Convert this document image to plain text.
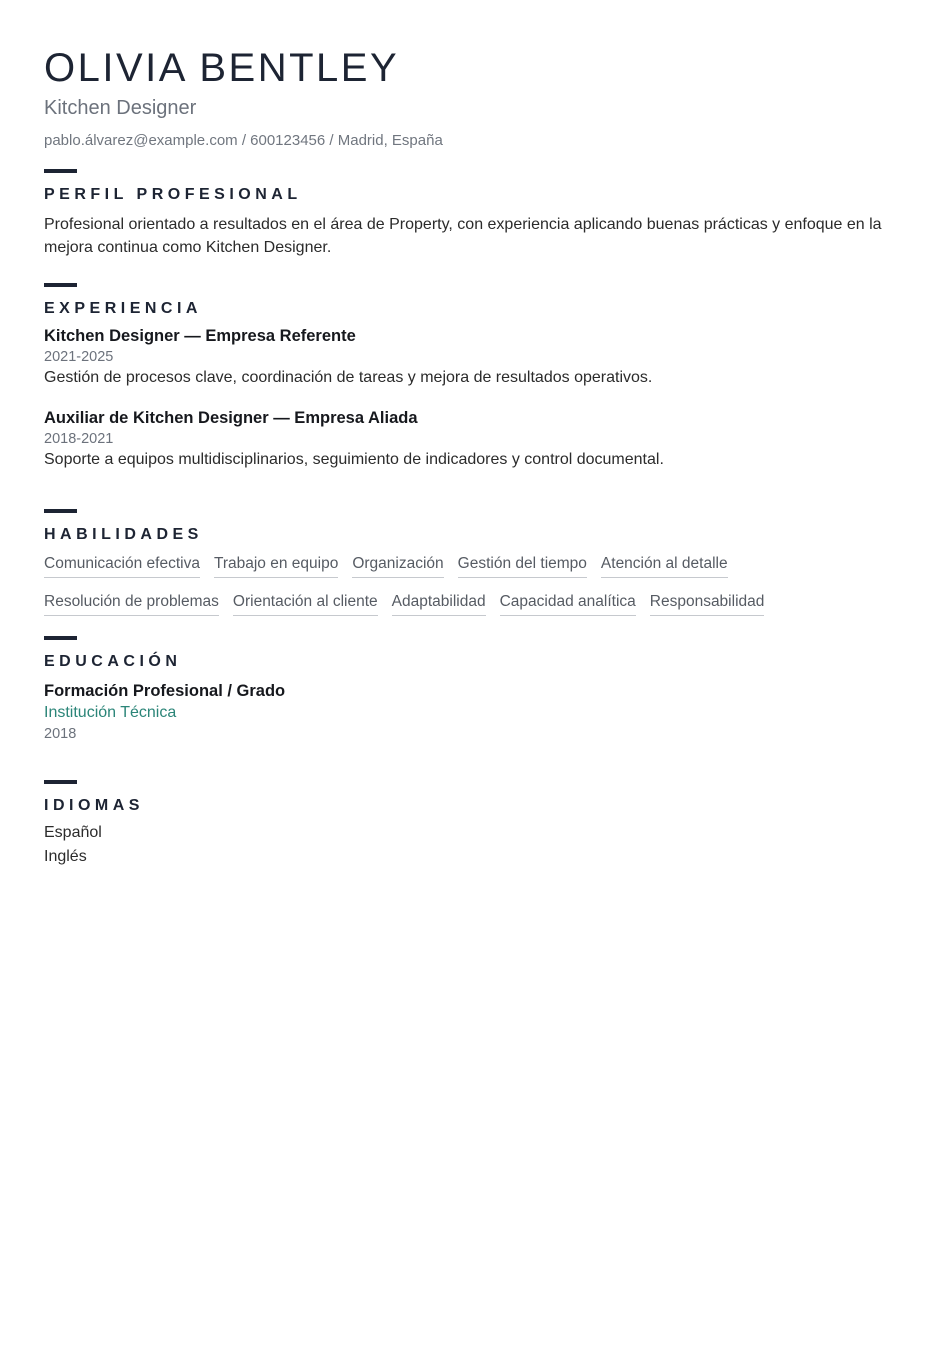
OLIVIA BENTLEY
Kitchen Designer
pablo.álvarez@example.com / 600123456 / Madrid, España
PERFIL PROFESIONAL

Profesional orientado a resultados en el área de Property, con experiencia aplicando buenas prácticas y enfoque en la mejora continua como Kitchen Designer.

EXPERIENCIA
Kitchen Designer — Empresa Referente
2021-2025
Gestión de procesos clave, coordinación de tareas y mejora de resultados operativos.
Auxiliar de Kitchen Designer — Empresa Aliada
2018-2021
Soporte a equipos multidisciplinarios, seguimiento de indicadores y control documental.
HABILIDADES
Comunicación efectiva Trabajo en equipo Organización Gestión del tiempo Atención al detalle
Resolución de problemas Orientación al cliente Adaptabilidad Capacidad analítica Responsabilidad
EDUCACIÓN
Formación Profesional / Grado
Institución Técnica
2018
IDIOMAS
Español
Inglés
